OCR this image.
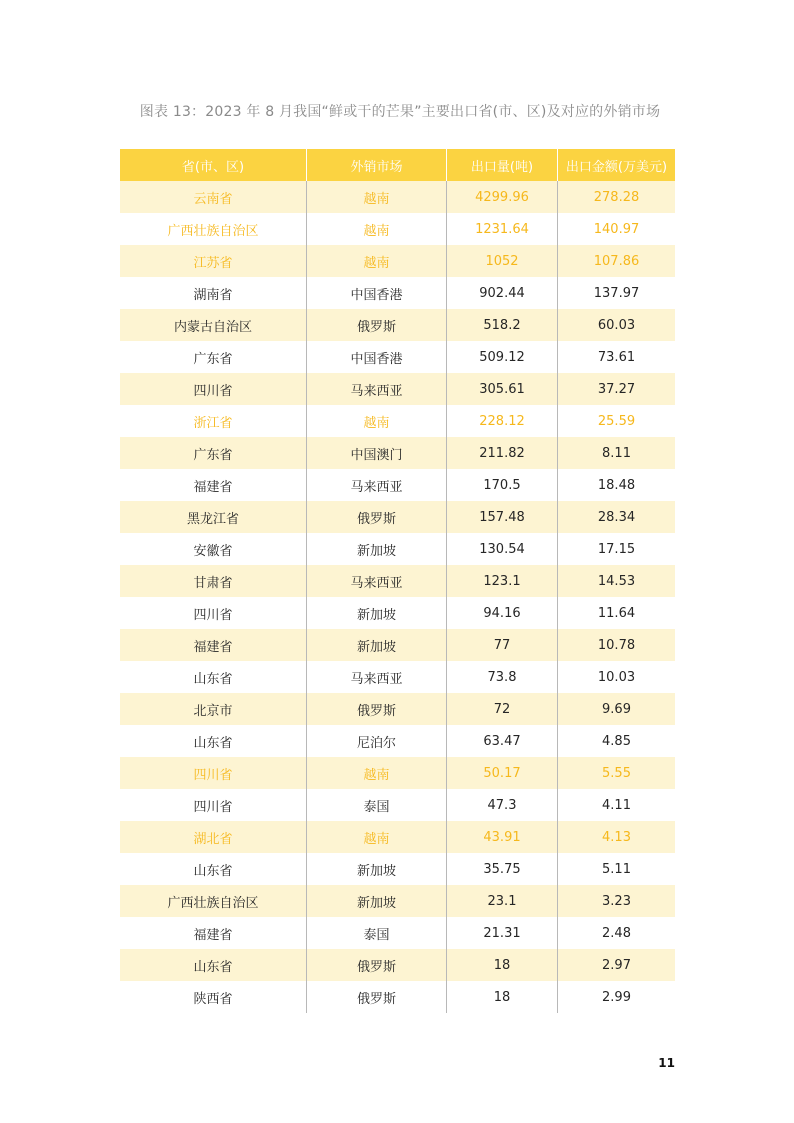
图表 13：2023 年 8 月我国“鲜或干的芒果”主要出口省(市、区)及对应的外销市场
省(市、区)	外销市场	出口量(吨)	出口金额(万美元)
云南省	越南	4299.96	278.28
广西壮族自治区	越南	1231.64	140.97
江苏省	越南	1052	107.86
湖南省	中国香港	902.44	137.97
内蒙古自治区	俄罗斯	518.2	60.03
广东省	中国香港	509.12	73.61
四川省	马来西亚	305.61	37.27
浙江省	越南	228.12	25.59
广东省	中国澳门	211.82	8.11
福建省	马来西亚	170.5	18.48
黑龙江省	俄罗斯	157.48	28.34
安徽省	新加坡	130.54	17.15
甘肃省	马来西亚	123.1	14.53
四川省	新加坡	94.16	11.64
福建省	新加坡	77	10.78
山东省	马来西亚	73.8	10.03
北京市	俄罗斯	72	9.69
山东省	尼泊尔	63.47	4.85
四川省	越南	50.17	5.55
四川省	泰国	47.3	4.11
湖北省	越南	43.91	4.13
山东省	新加坡	35.75	5.11
广西壮族自治区	新加坡	23.1	3.23
福建省	泰国	21.31	2.48
山东省	俄罗斯	18	2.97
陕西省	俄罗斯	18	2.99
11
